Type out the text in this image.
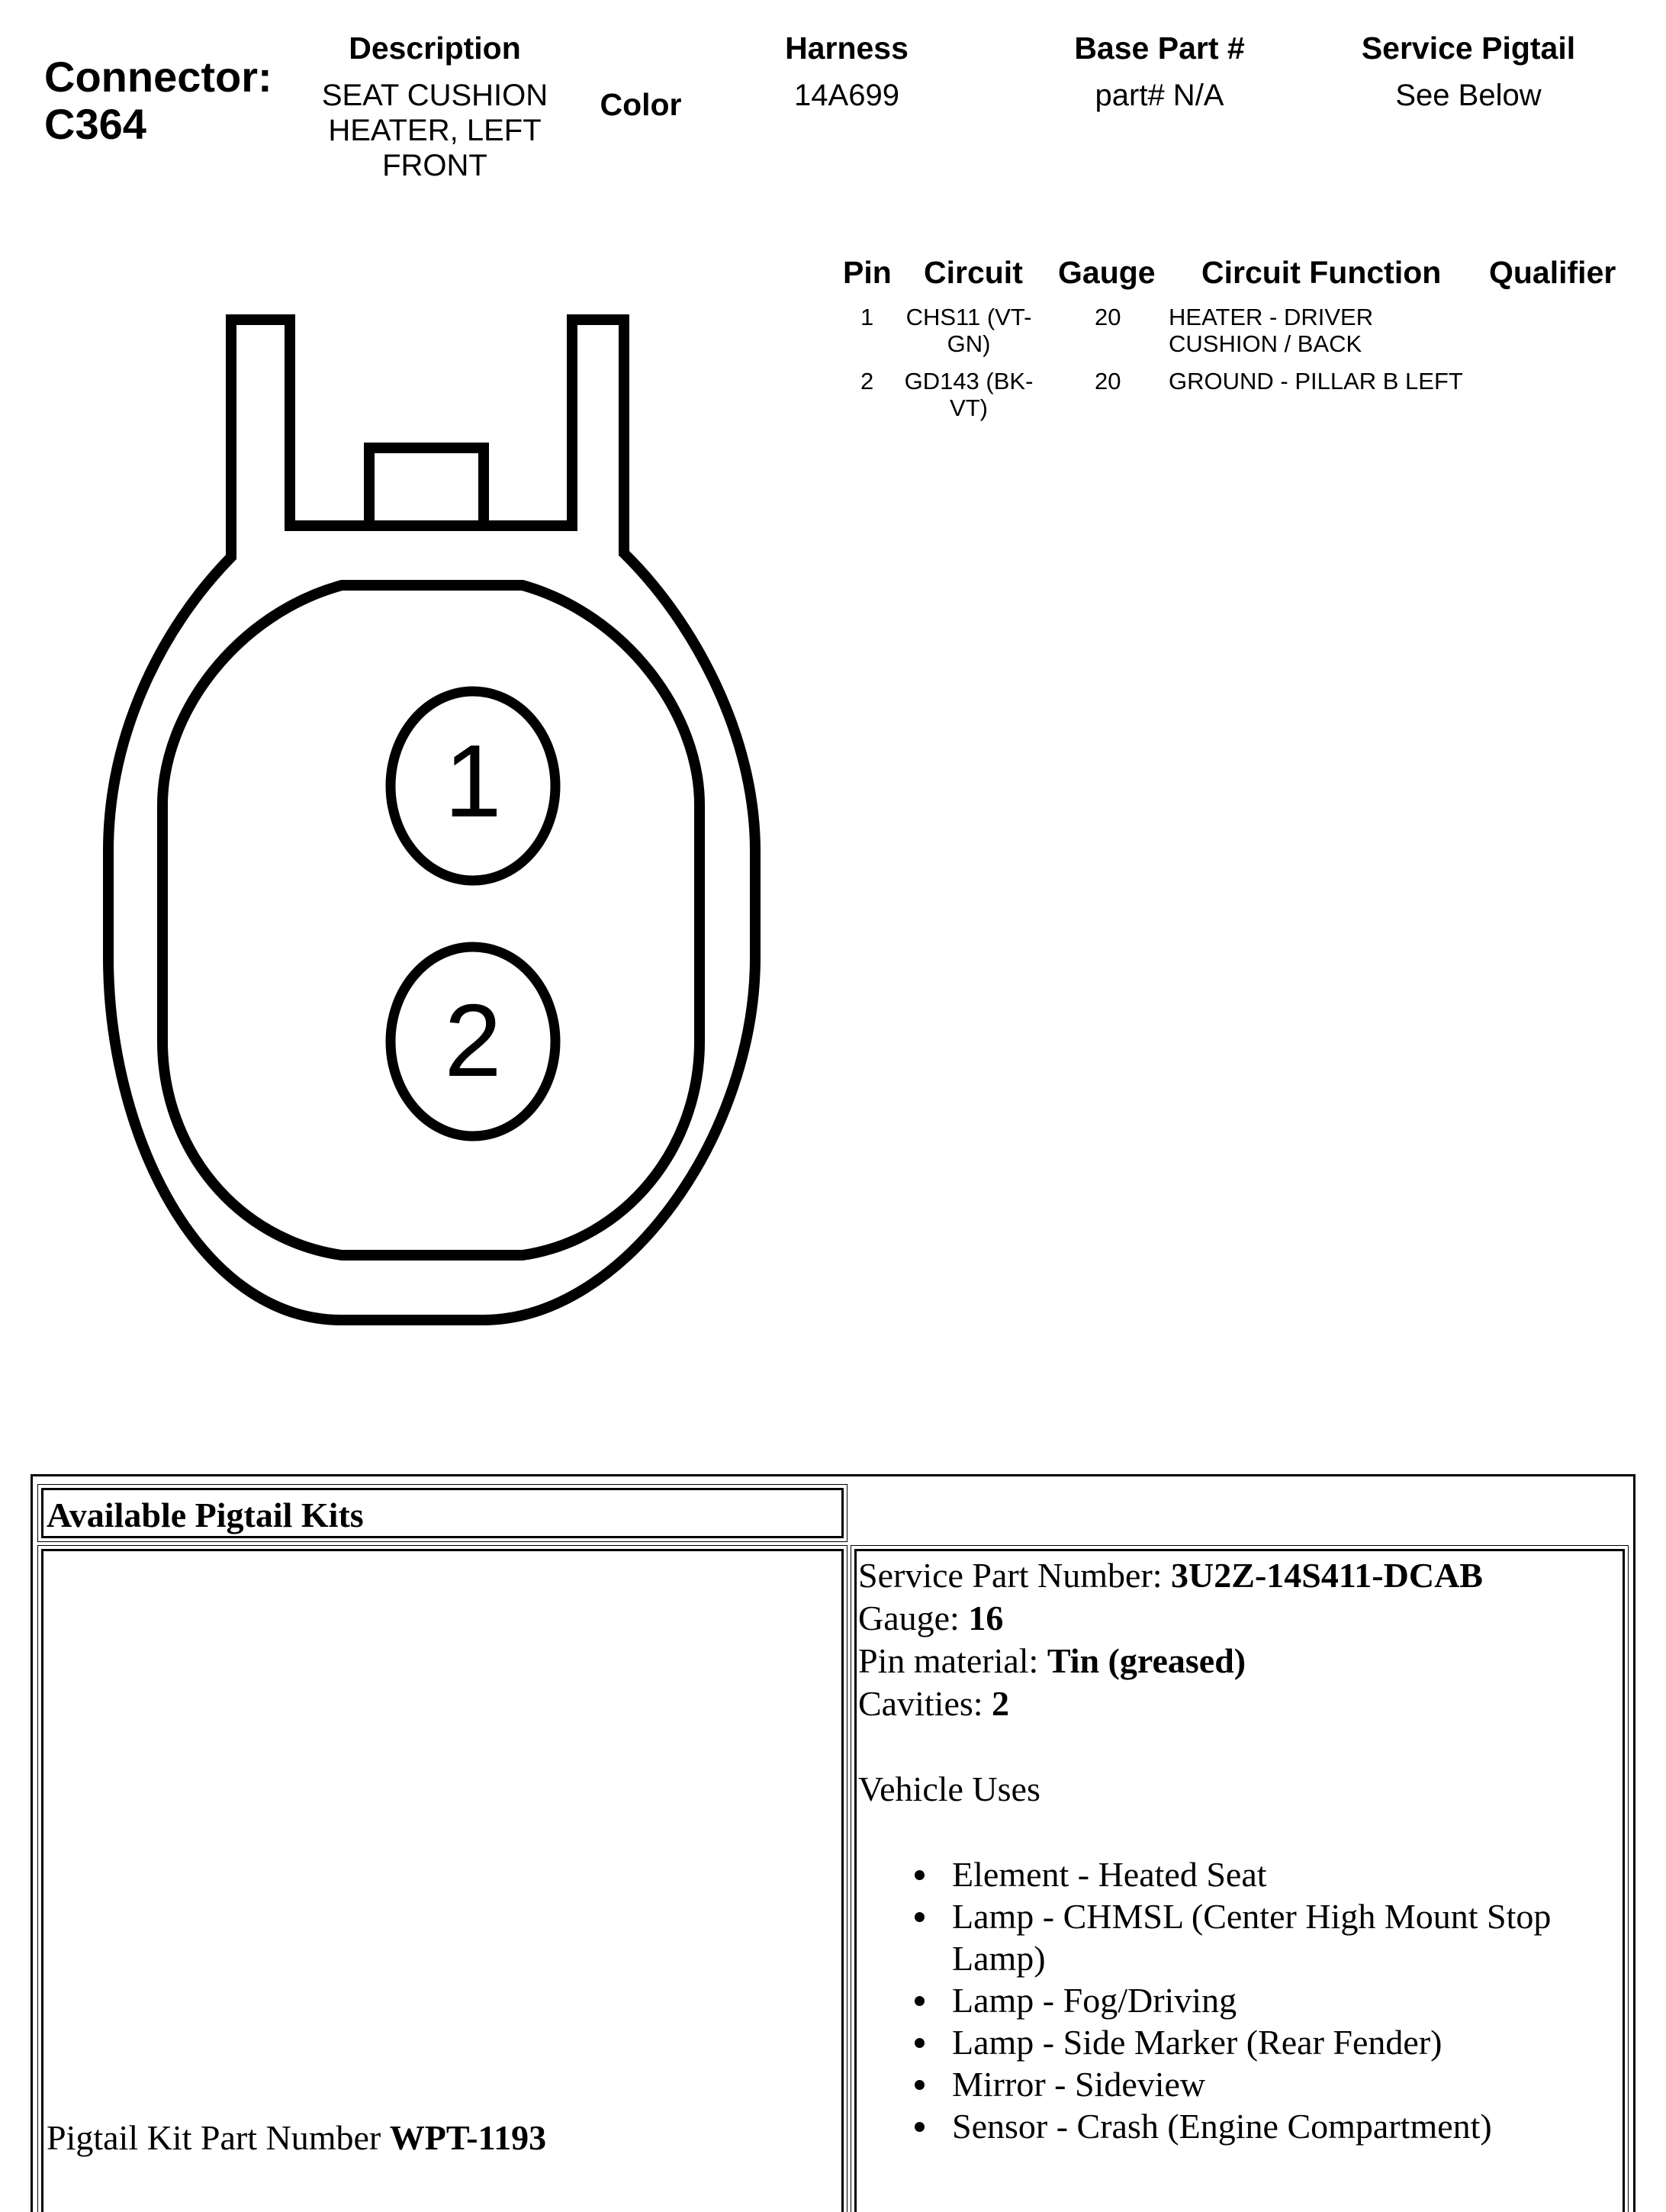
Connector:
C364
Description
SEAT CUSHION
HEATER, LEFT
FRONT
Color
Harness
14A699
Base Part #
part# N/A
Service Pigtail
See Below
Pin Circuit Gauge Circuit Function Qualifier
1 CHS11 (VT-
GN)
20 HEATER - DRIVER
CUSHION / BACK
2 GD143 (BK-
VT)
20 GROUND - PILLAR B LEFT
1
2
Available Pigtail Kits
Pigtail Kit Part Number WPT-1193
Service Part Number: 3U2Z-14S411-DCAB
Gauge: 16
Pin material: Tin (greased)
Cavities: 2
Vehicle Uses
Element - Heated Seat
Lamp - CHMSL (Center High Mount Stop
Lamp)
Lamp - Fog/Driving
Lamp - Side Marker (Rear Fender)
Mirror - Sideview
Sensor - Crash (Engine Compartment)
